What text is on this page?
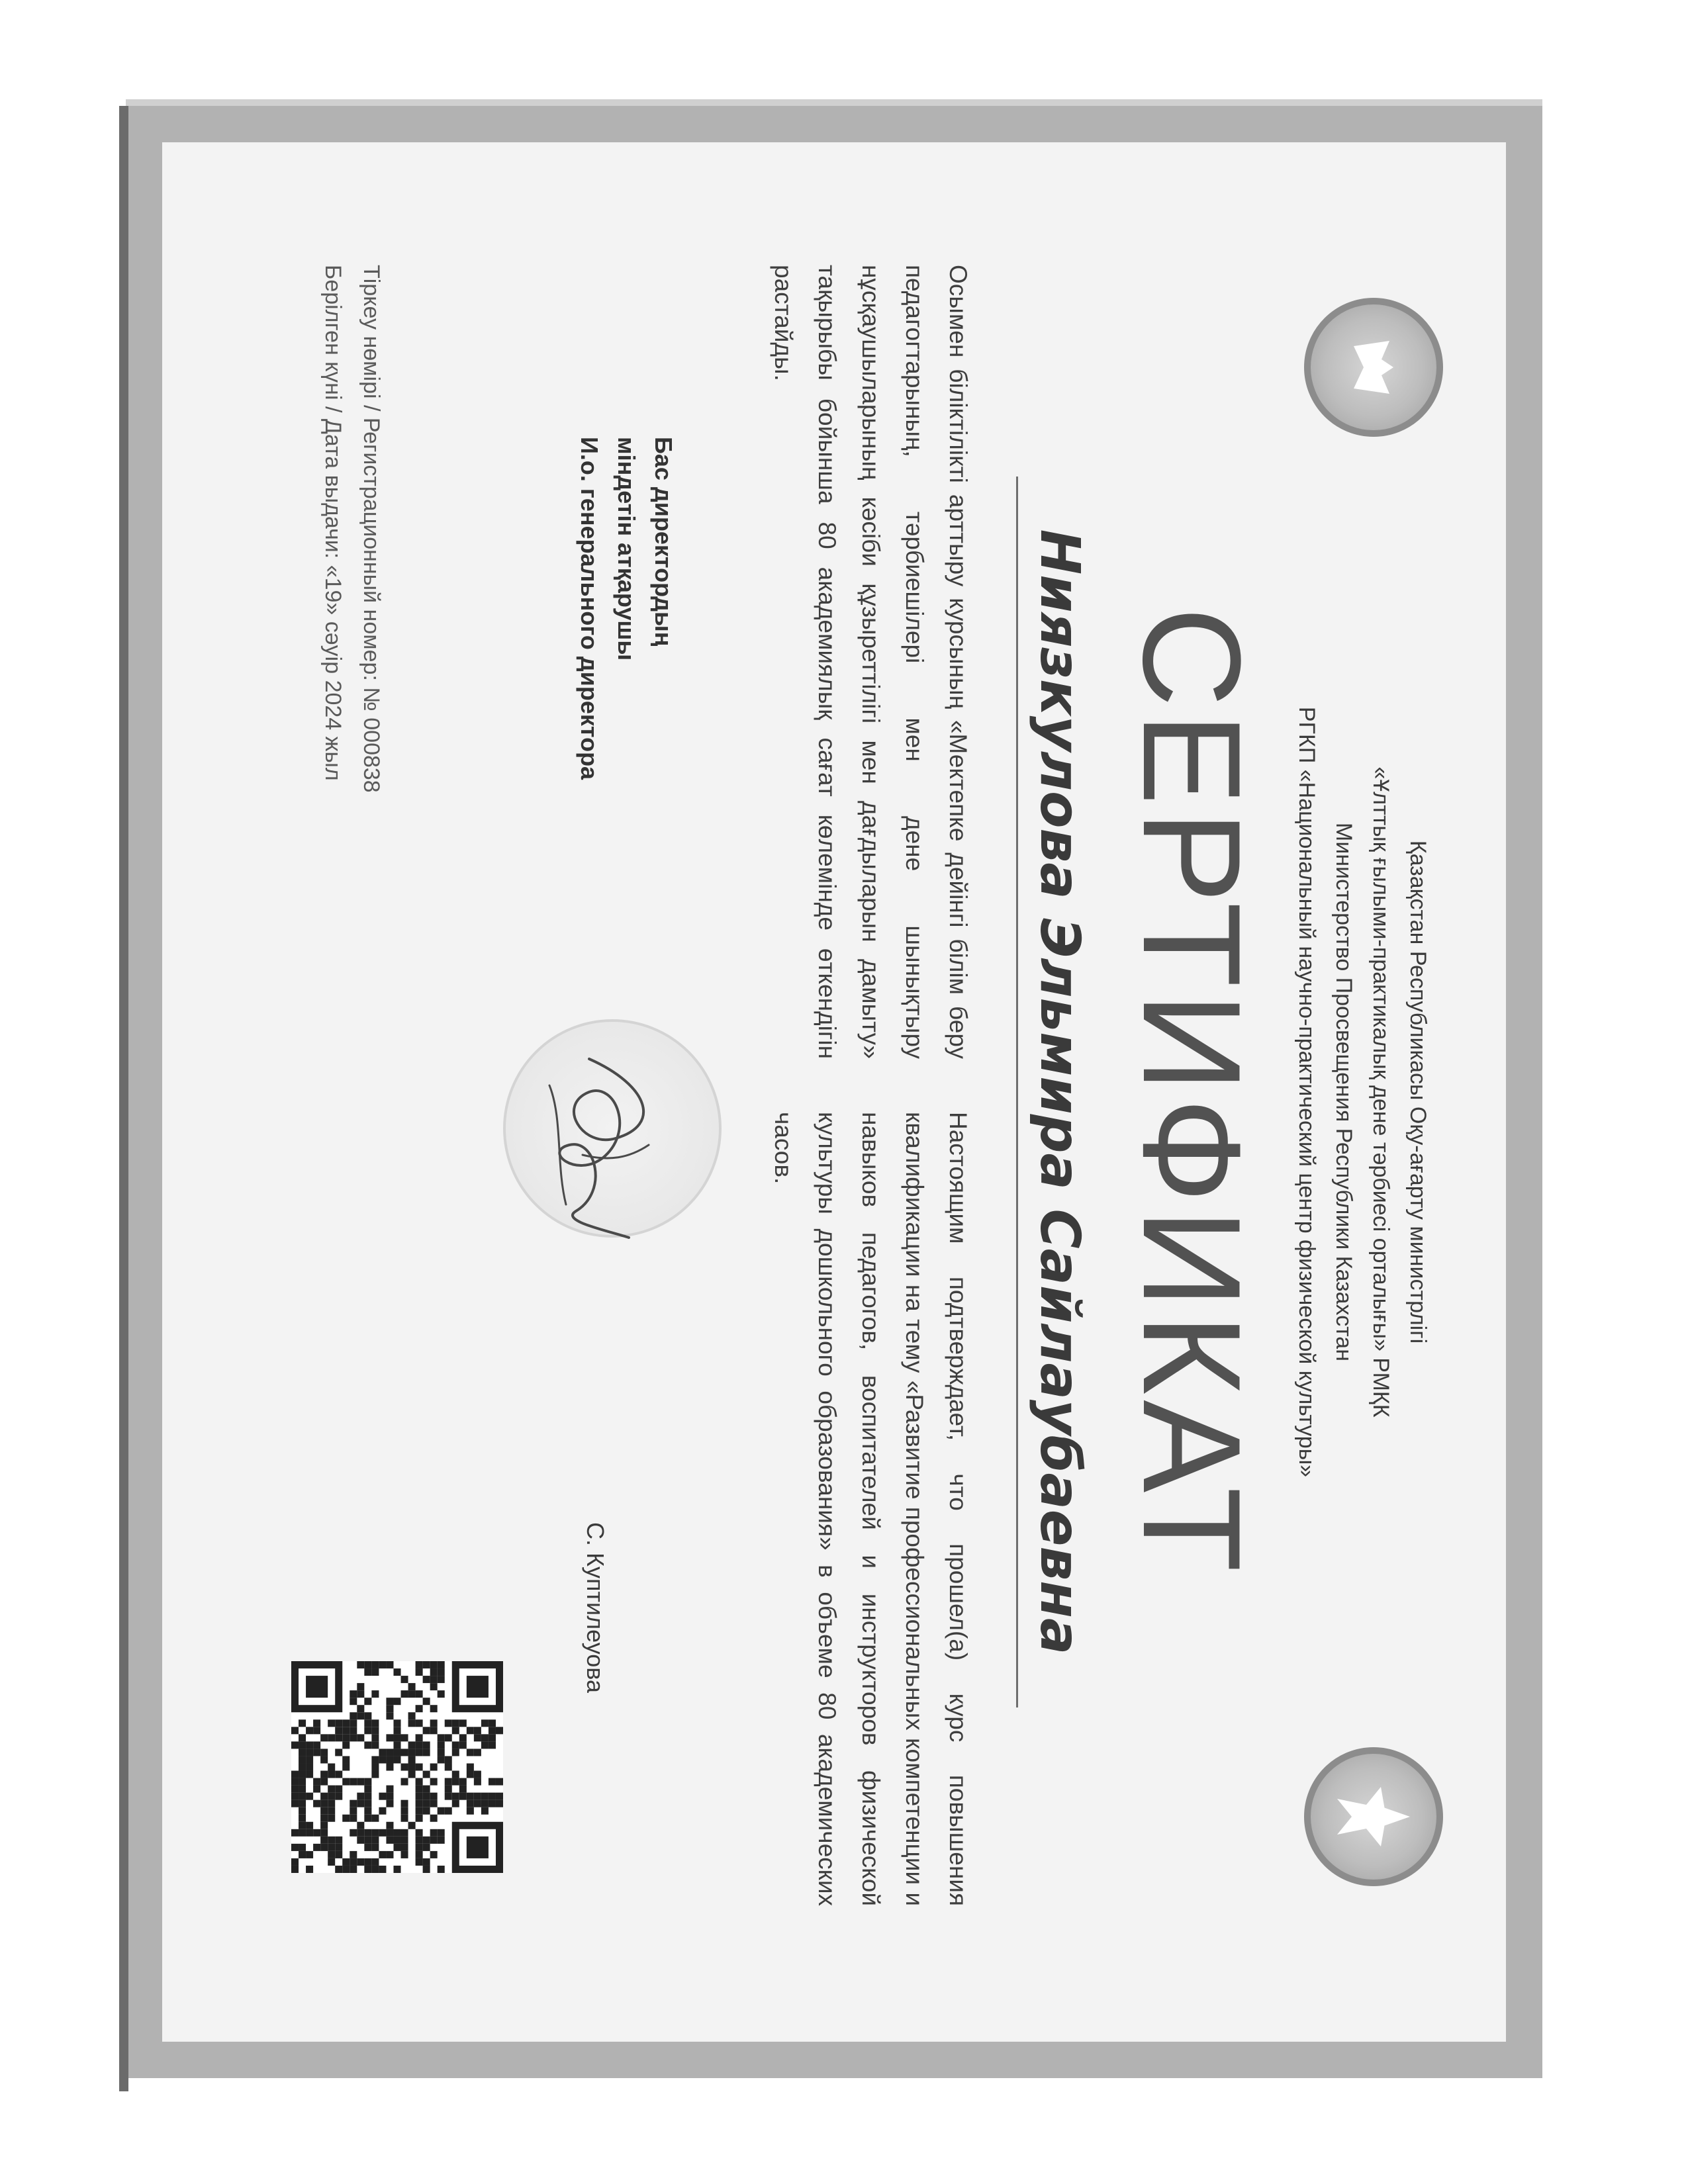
Қазақстан Республикасы Оқу-ағарту министрлігі
«Ұлттық ғылыми-практикалық дене тәрбиесі орталығы» РМҚК
Министерство Просвещения Республики Казахстан
РГКП «Национальный научно-практический центр физической культуры»
СЕРТИФИКАТ
Ниязкулова Эльмира Сайлаубаевна
Осымен біліктілікті арттыру курсының «Мектепке дейінгі білім беру педагогтарының, тәрбиешілері мен дене шынықтыру нұсқаушыларының кәсіби құзыреттілігі мен дағдыларын дамыту» тақырыбы бойынша 80 академиялық сағат көлемінде өткендігін растайды.
Настоящим подтверждает, что прошел(а) курс повышения квалификации на тему «Развитие профессиональных компетенции и навыков педагогов, воспитателей и инструкторов физической культуры дошкольного образования» в объеме 80 академических часов.
Бас директордың
міндетін атқарушы
И.о. генерального директора
С. Куптилеуова
Тіркеу нөмірі / Регистрационный номер: № 000838
Берілген күні / Дата выдачи: «19» сәуір 2024 жыл
